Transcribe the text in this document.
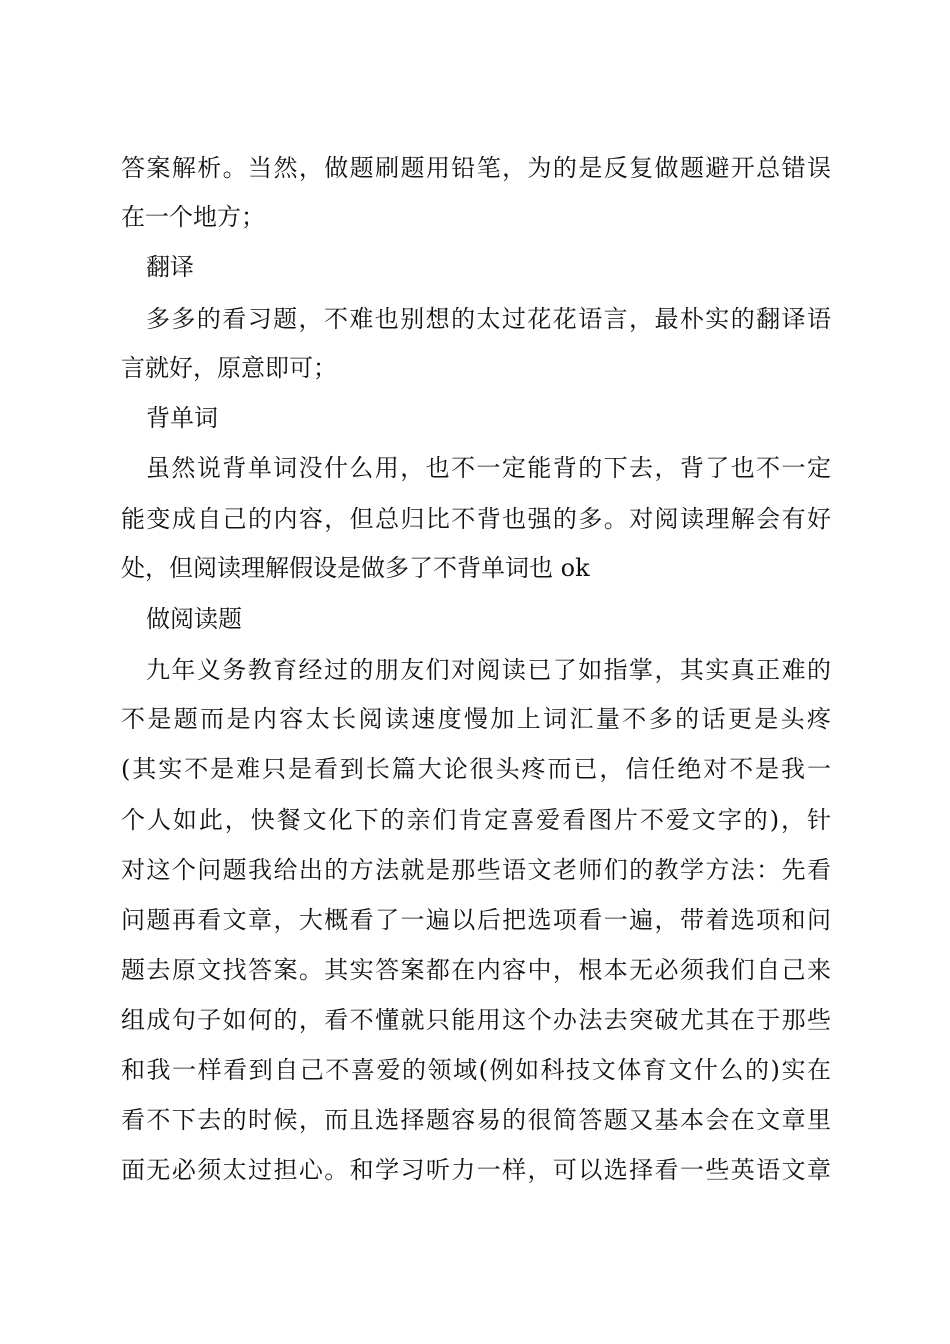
答案解析。当然，做题刷题用铅笔，为的是反复做题避开总错误
在一个地方；
翻译
多多的看习题，不难也别想的太过花花语言，最朴实的翻译语
言就好，原意即可；
背单词
虽然说背单词没什么用，也不一定能背的下去，背了也不一定
能变成自己的内容，但总归比不背也强的多。对阅读理解会有好
处，但阅读理解假设是做多了不背单词也 ok
做阅读题
九年义务教育经过的朋友们对阅读已了如指掌，其实真正难的
不是题而是内容太长阅读速度慢加上词汇量不多的话更是头疼
(其实不是难只是看到长篇大论很头疼而已，信任绝对不是我一
个人如此，快餐文化下的亲们肯定喜爱看图片不爱文字的)，针
对这个问题我给出的方法就是那些语文老师们的教学方法：先看
问题再看文章，大概看了一遍以后把选项看一遍，带着选项和问
题去原文找答案。其实答案都在内容中，根本无必须我们自己来
组成句子如何的，看不懂就只能用这个办法去突破尤其在于那些
和我一样看到自己不喜爱的领域(例如科技文体育文什么的)实在
看不下去的时候，而且选择题容易的很简答题又基本会在文章里
面无必须太过担心。和学习听力一样，可以选择看一些英语文章
